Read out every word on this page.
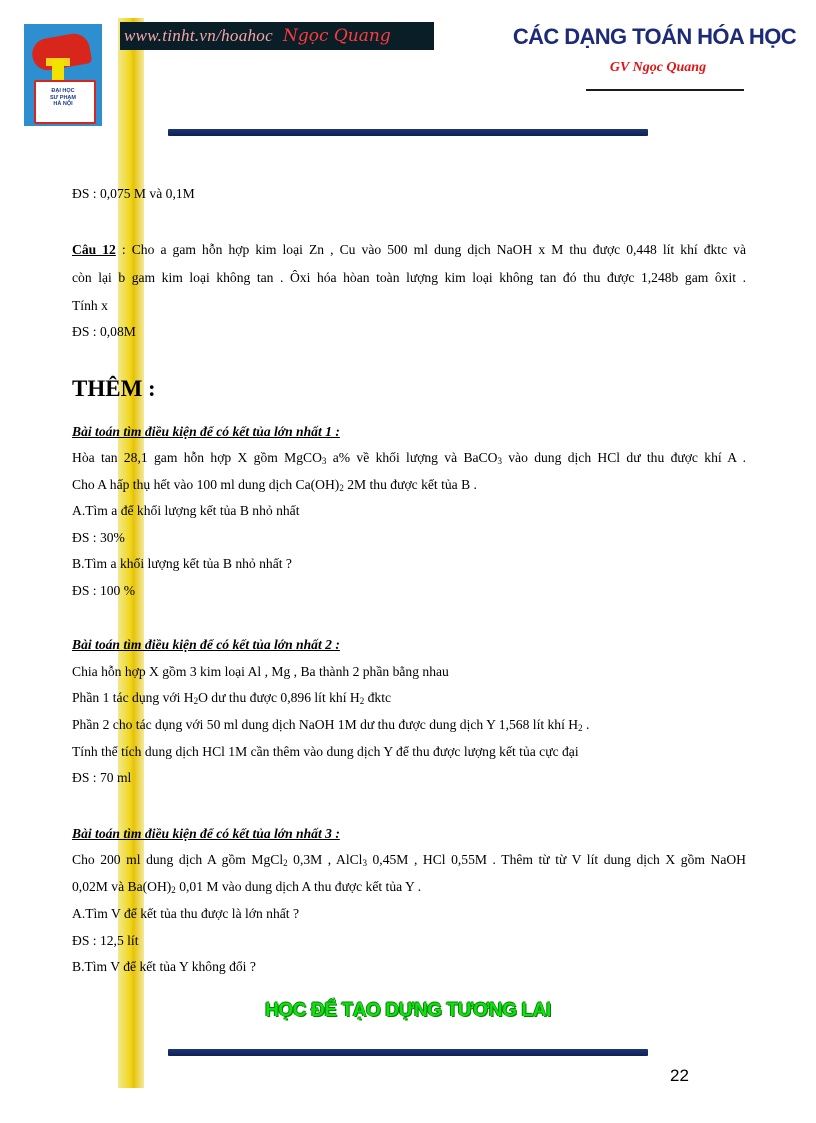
ĐẠI HỌC
SƯ PHẠM
HÀ NỘI
www.tinht.vn/hoahoc Ngọc Quang	CÁC DẠNG TOÁN HÓA HỌC
GV Ngọc Quang
ĐS : 0,075 M và 0,1M
Câu 12 : Cho a gam hỗn hợp kim loại Zn , Cu vào 500 ml dung dịch NaOH x M thu được 0,448 lít khí đktc và
còn lại b gam kim loại không tan . Ôxi hóa hòan toàn lượng kim loại không tan đó thu được 1,248b gam ôxit .
Tính x
ĐS : 0,08M
THÊM :
Bài toán tìm điều kiện để có kết tủa lớn nhất 1 :
Hòa tan 28,1 gam hỗn hợp X gồm MgCO$_3$ a% về khối lượng và BaCO$_3$ vào dung dịch HCl dư thu được khí A .
Cho A hấp thụ hết vào 100 ml dung dịch $Ca(OH)_2$ 2M thu được kết tủa B .
A.Tìm a để khối lượng kết tủa B nhỏ nhất
ĐS : 30%
B.Tìm a khối lượng kết tủa B nhỏ nhất ?
ĐS : 100 %
Bài toán tìm điều kiện để có kết tủa lớn nhất 2 :
Chia hỗn hợp X gồm 3 kim loại Al , Mg , Ba thành 2 phần bằng nhau
Phần 1 tác dụng với $H_2O$ dư thu được 0,896 lít khí $H_2$ đktc
Phần 2 cho tác dụng với 50 ml dung dịch NaOH 1M dư thu được dung dịch Y 1,568 lít khí $H_2$ .
Tính thể tích dung dịch HCl 1M cần thêm vào dung dịch Y để thu được lượng kết tủa cực đại
ĐS : 70 ml
Bài toán tìm điều kiện để có kết tủa lớn nhất 3 :
Cho 200 ml dung dịch A gồm MgCl$_2$ 0,3M , AlCl$_3$ 0,45M , HCl 0,55M . Thêm từ từ V lít dung dịch X gồm NaOH
0,02M và $Ba(OH)_2$ 0,01 M vào dung dịch A thu được kết tủa Y .
A.Tìm V để kết tủa thu được là lớn nhất ?
ĐS : 12,5 lít
B.Tìm V để kết tủa Y không đổi ?
HỌC ĐỂ TẠO DỰNG TƯƠNG LAI
22
